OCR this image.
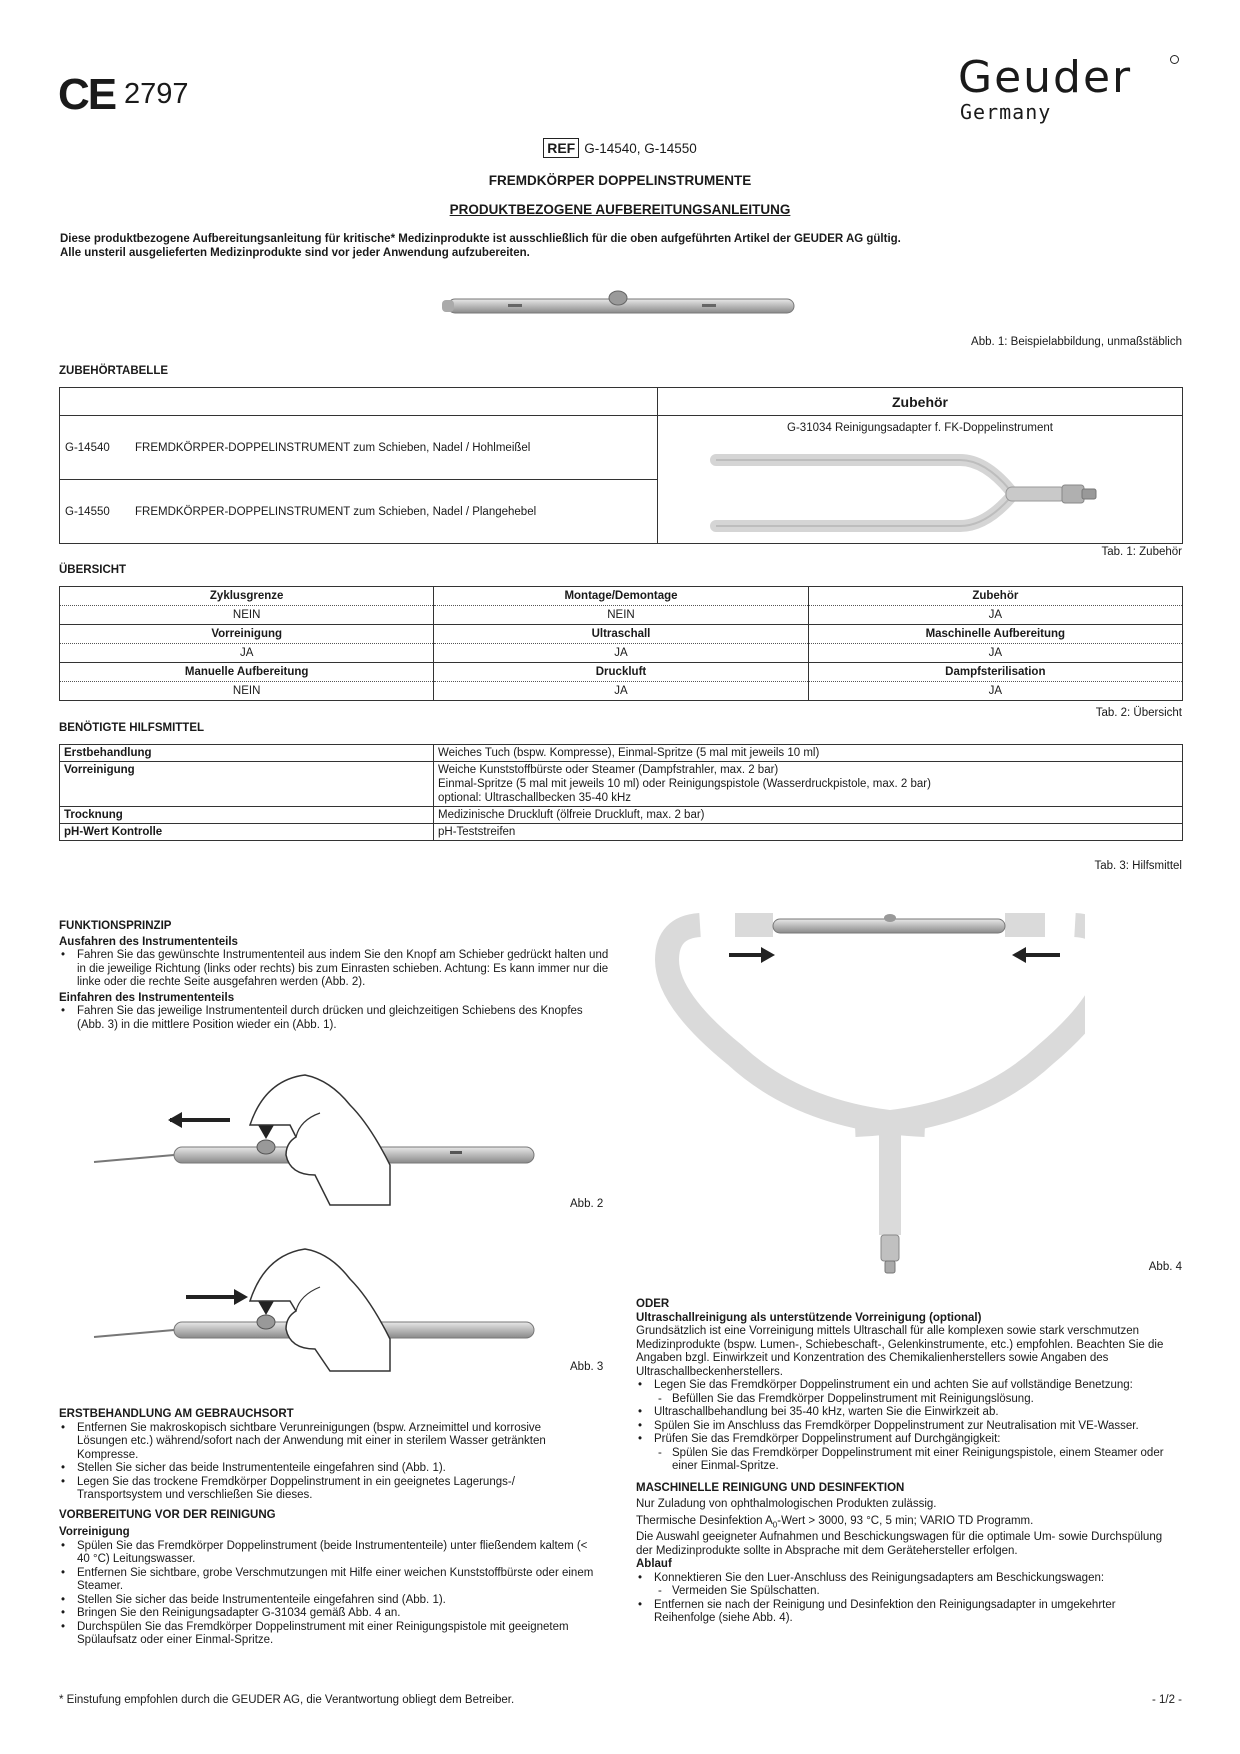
CE 2797	Geuder
Germany
REF G-14540, G-14550
FREMDKÖRPER DOPPELINSTRUMENTE
PRODUKTBEZOGENE AUFBEREITUNGSANLEITUNG
Diese produktbezogene Aufbereitungsanleitung für kritische* Medizinprodukte ist ausschließlich für die oben aufgeführten Artikel der GEUDER AG gültig.
Alle unsteril ausgelieferten Medizinprodukte sind vor jeder Anwendung aufzubereiten.
Abb. 1: Beispielabbildung, unmaßstäblich
ZUBEHÖRTABELLE
	Zubehör
G-14540 FREMDKÖRPER-DOPPELINSTRUMENT zum Schieben, Nadel / Hohlmeißel	G-31034 Reinigungsadapter f. FK-Doppelinstrument

G-14550 FREMDKÖRPER-DOPPELINSTRUMENT zum Schieben, Nadel / Plangehebel	
Tab. 1: Zubehör
ÜBERSICHT
Zyklusgrenze	Montage/Demontage	Zubehör
NEIN	NEIN	JA
Vorreinigung	Ultraschall	Maschinelle Aufbereitung
JA	JA	JA
Manuelle Aufbereitung	Druckluft	Dampfsterilisation
NEIN	JA	JA
Tab. 2: Übersicht
BENÖTIGTE HILFSMITTEL
Erstbehandlung	Weiches Tuch (bspw. Kompresse), Einmal-Spritze (5 mal mit jeweils 10 ml)
Vorreinigung	Weiche Kunststoffbürste oder Steamer (Dampfstrahler, max. 2 bar)
Einmal-Spritze (5 mal mit jeweils 10 ml) oder Reinigungspistole (Wasserdruckpistole, max. 2 bar)
optional: Ultraschallbecken 35-40 kHz

Trocknung	Medizinische Druckluft (ölfreie Druckluft, max. 2 bar)
pH-Wert Kontrolle	pH-Teststreifen
Tab. 3: Hilfsmittel
FUNKTIONSPRINZIP
Ausfahren des Instrumententeils
• Fahren Sie das gewünschte Instrumententeil aus indem Sie den Knopf am Schieber gedrückt halten und in die jeweilige Richtung (links oder rechts) bis zum Einrasten schieben. Achtung: Es kann immer nur die linke oder die rechte Seite ausgefahren werden (Abb. 2).
Einfahren des Instrumententeils
• Fahren Sie das jeweilige Instrumententeil durch drücken und gleichzeitigen Schiebens des Knopfes (Abb. 3) in die mittlere Position wieder ein (Abb. 1).
Abb. 2
Abb. 3
ERSTBEHANDLUNG AM GEBRAUCHSORT
• Entfernen Sie makroskopisch sichtbare Verunreinigungen (bspw. Arzneimittel und korrosive Lösungen etc.) während/sofort nach der Anwendung mit einer in sterilem Wasser getränkten Kompresse.
• Stellen Sie sicher das beide Instrumententeile eingefahren sind (Abb. 1).
• Legen Sie das trockene Fremdkörper Doppelinstrument in ein geeignetes Lagerungs-/ Transportsystem und verschließen Sie dieses.
VORBEREITUNG VOR DER REINIGUNG
Vorreinigung
• Spülen Sie das Fremdkörper Doppelinstrument (beide Instrumententeile) unter fließendem kaltem (< 40 °C) Leitungswasser.
• Entfernen Sie sichtbare, grobe Verschmutzungen mit Hilfe einer weichen Kunststoffbürste oder einem Steamer.
• Stellen Sie sicher das beide Instrumententeile eingefahren sind (Abb. 1).
• Bringen Sie den Reinigungsadapter G-31034 gemäß Abb. 4 an.
• Durchspülen Sie das Fremdkörper Doppelinstrument mit einer Reinigungspistole mit geeignetem Spülaufsatz oder einer Einmal-Spritze.
Abb. 4
ODER
Ultraschallreinigung als unterstützende Vorreinigung (optional)
Grundsätzlich ist eine Vorreinigung mittels Ultraschall für alle komplexen sowie stark verschmutzen Medizinprodukte (bspw. Lumen-, Schiebeschaft-, Gelenkinstrumente, etc.) empfohlen. Beachten Sie die Angaben bzgl. Einwirkzeit und Konzentration des Chemikalienherstellers sowie Angaben des Ultraschallbeckenherstellers.
• Legen Sie das Fremdkörper Doppelinstrument ein und achten Sie auf vollständige Benetzung:
- Befüllen Sie das Fremdkörper Doppelinstrument mit Reinigungslösung.
• Ultraschallbehandlung bei 35-40 kHz, warten Sie die Einwirkzeit ab.
• Spülen Sie im Anschluss das Fremdkörper Doppelinstrument zur Neutralisation mit VE-Wasser.
• Prüfen Sie das Fremdkörper Doppelinstrument auf Durchgängigkeit:
- Spülen Sie das Fremdkörper Doppelinstrument mit einer Reinigungspistole, einem Steamer oder einer Einmal-Spritze.
MASCHINELLE REINIGUNG UND DESINFEKTION
Nur Zuladung von ophthalmologischen Produkten zulässig.
Thermische Desinfektion $A_0$-Wert > 3000, 93 °C, 5 min; VARIO TD Programm.
Die Auswahl geeigneter Aufnahmen und Beschickungswagen für die optimale Um- sowie Durchspülung der Medizinprodukte sollte in Absprache mit dem Gerätehersteller erfolgen.
Ablauf
• Konnektieren Sie den Luer-Anschluss des Reinigungsadapters am Beschickungswagen:
- Vermeiden Sie Spülschatten.
• Entfernen sie nach der Reinigung und Desinfektion den Reinigungsadapter in umgekehrter Reihenfolge (siehe Abb. 4).
* Einstufung empfohlen durch die GEUDER AG, die Verantwortung obliegt dem Betreiber.	- 1/2 -
